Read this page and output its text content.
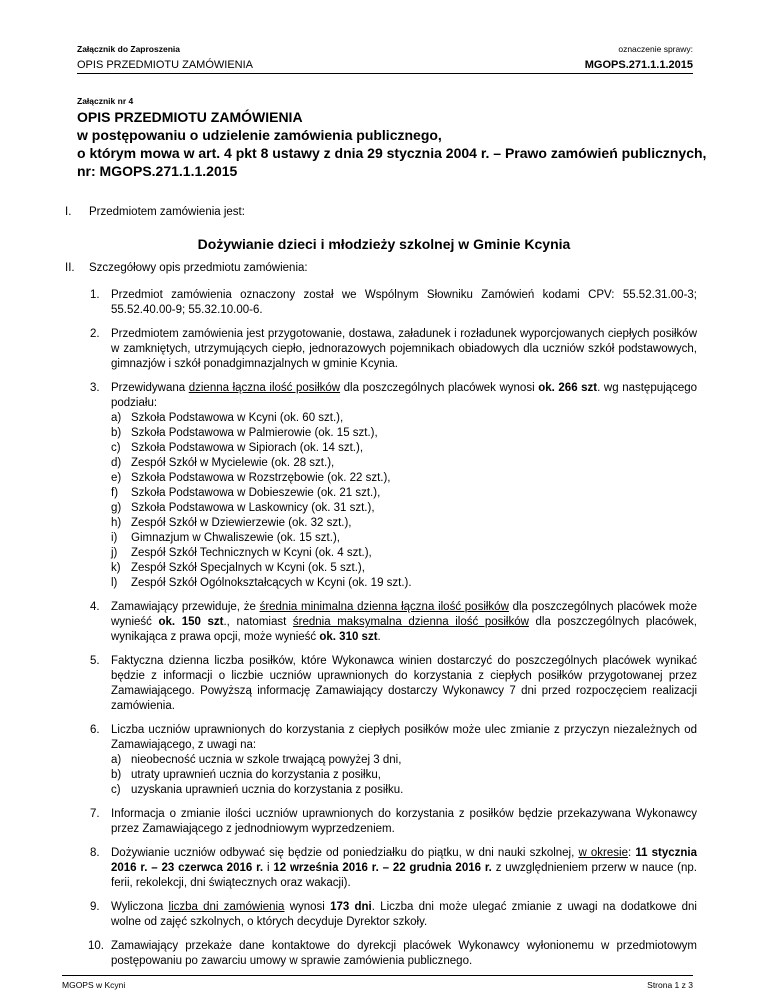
Załącznik do Zaproszenia	oznaczenie sprawy:
OPIS PRZEDMIOTU ZAMÓWIENIA	MGOPS.271.1.1.2015
Załącznik nr 4
OPIS PRZEDMIOTU ZAMÓWIENIA
w postępowaniu o udzielenie zamówienia publicznego,
o którym mowa w art. 4 pkt 8 ustawy z dnia 29 stycznia 2004 r. – Prawo zamówień publicznych,
nr: MGOPS.271.1.1.2015
I. Przedmiotem zamówienia jest:
Dożywianie dzieci i młodzieży szkolnej w Gminie Kcynia
II. Szczegółowy opis przedmiotu zamówienia:
1. Przedmiot zamówienia oznaczony został we Wspólnym Słowniku Zamówień kodami CPV: 55.52.31.00-3; 55.52.40.00-9; 55.32.10.00-6.
2. Przedmiotem zamówienia jest przygotowanie, dostawa, załadunek i rozładunek wyporcjowanych ciepłych posiłków w zamkniętych, utrzymujących ciepło, jednorazowych pojemnikach obiadowych dla uczniów szkół podstawowych, gimnazjów i szkół ponadgimnazjalnych w gminie Kcynia.
3. Przewidywana dzienna łączna ilość posiłków dla poszczególnych placówek wynosi ok. 266 szt. wg następującego podziału:
a) Szkoła Podstawowa w Kcyni (ok. 60 szt.),
b) Szkoła Podstawowa w Palmierowie (ok. 15 szt.),
c) Szkoła Podstawowa w Sipiorach (ok. 14 szt.),
d) Zespół Szkół w Mycielewie (ok. 28 szt.),
e) Szkoła Podstawowa w Rozstrzębowie (ok. 22 szt.),
f) Szkoła Podstawowa w Dobieszewie (ok. 21 szt.),
g) Szkoła Podstawowa w Laskownicy (ok. 31 szt.),
h) Zespół Szkół w Dziewierzewie (ok. 32 szt.),
i) Gimnazjum w Chwaliszewie (ok. 15 szt.),
j) Zespół Szkół Technicznych w Kcyni (ok. 4 szt.),
k) Zespół Szkół Specjalnych w Kcyni (ok. 5 szt.),
l) Zespół Szkół Ogólnokształcących w Kcyni (ok. 19 szt.).
4. Zamawiający przewiduje, że średnia minimalna dzienna łączna ilość posiłków dla poszczególnych placówek może wynieść ok. 150 szt., natomiast średnia maksymalna dzienna ilość posiłków dla poszczególnych placówek, wynikająca z prawa opcji, może wynieść ok. 310 szt.
5. Faktyczna dzienna liczba posiłków, które Wykonawca winien dostarczyć do poszczególnych placówek wynikać będzie z informacji o liczbie uczniów uprawnionych do korzystania z ciepłych posiłków przygotowanej przez Zamawiającego. Powyższą informację Zamawiający dostarczy Wykonawcy 7 dni przed rozpoczęciem realizacji zamówienia.
6. Liczba uczniów uprawnionych do korzystania z ciepłych posiłków może ulec zmianie z przyczyn niezależnych od Zamawiającego, z uwagi na:
a) nieobecność ucznia w szkole trwającą powyżej 3 dni,
b) utraty uprawnień ucznia do korzystania z posiłku,
c) uzyskania uprawnień ucznia do korzystania z posiłku.
7. Informacja o zmianie ilości uczniów uprawnionych do korzystania z posiłków będzie przekazywana Wykonawcy przez Zamawiającego z jednodniowym wyprzedzeniem.
8. Dożywianie uczniów odbywać się będzie od poniedziałku do piątku, w dni nauki szkolnej, w okresie: 11 stycznia 2016 r. – 23 czerwca 2016 r. i 12 września 2016 r. – 22 grudnia 2016 r. z uwzględnieniem przerw w nauce (np. ferii, rekolekcji, dni świątecznych oraz wakacji).
9. Wyliczona liczba dni zamówienia wynosi 173 dni. Liczba dni może ulegać zmianie z uwagi na dodatkowe dni wolne od zajęć szkolnych, o których decyduje Dyrektor szkoły.
10. Zamawiający przekaże dane kontaktowe do dyrekcji placówek Wykonawcy wyłonionemu w przedmiotowym postępowaniu po zawarciu umowy w sprawie zamówienia publicznego.
MGOPS w Kcyni	Strona 1 z 3
